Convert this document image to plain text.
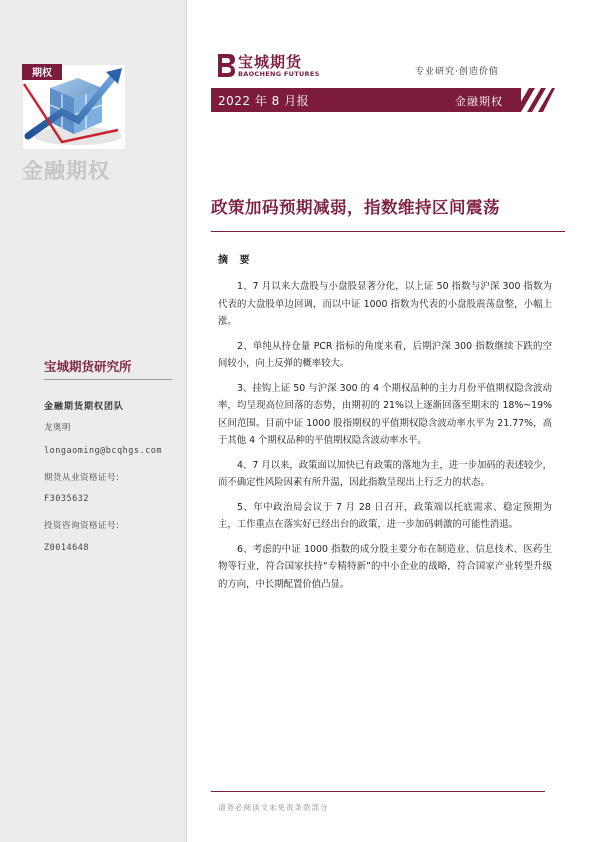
期权
金融期权
宝城期货研究所
金融期货期权团队
龙奥明
longaoming@bcqhgs.com
期货从业资格证号:
F3035632
投资咨询资格证号:
Z0014648
宝城期货
BAOCHENG FUTURES	专业研究·创造价值
2022 年 8 月报	金融期权
政策加码预期减弱，指数维持区间震荡
摘 要

1、7 月以来大盘股与小盘股显著分化，以上证 50 指数与沪深 300 指数为代表的大盘股单边回调，而以中证 1000 指数为代表的小盘股震荡盘整，小幅上涨。

2、单纯从持仓量 PCR 指标的角度来看，后期沪深 300 指数继续下跌的空间较小，向上反弹的概率较大。

3、挂钩上证 50 与沪深 300 的 4 个期权品种的主力月份平值期权隐含波动率，均呈现高位回落的态势，由期初的 21%以上逐渐回落至期末的 18%~19%区间范围。目前中证 1000 股指期权的平值期权隐含波动率水平为 21.77%，高于其他 4 个期权品种的平值期权隐含波动率水平。

4、7 月以来，政策面以加快已有政策的落地为主，进一步加码的表述较少，而不确定性风险因素有所升温，因此指数呈现出上行乏力的状态。

5、年中政治局会议于 7 月 28 日召开，政策端以托底需求、稳定预期为主，工作重点在落实好已经出台的政策，进一步加码刺激的可能性消退。

6、考虑的中证 1000 指数的成分股主要分布在制造业、信息技术、医药生物等行业，符合国家扶持“专精特新”的中小企业的战略，符合国家产业转型升级的方向，中长期配置价值凸显。

请务必阅读文末免责条款部分
